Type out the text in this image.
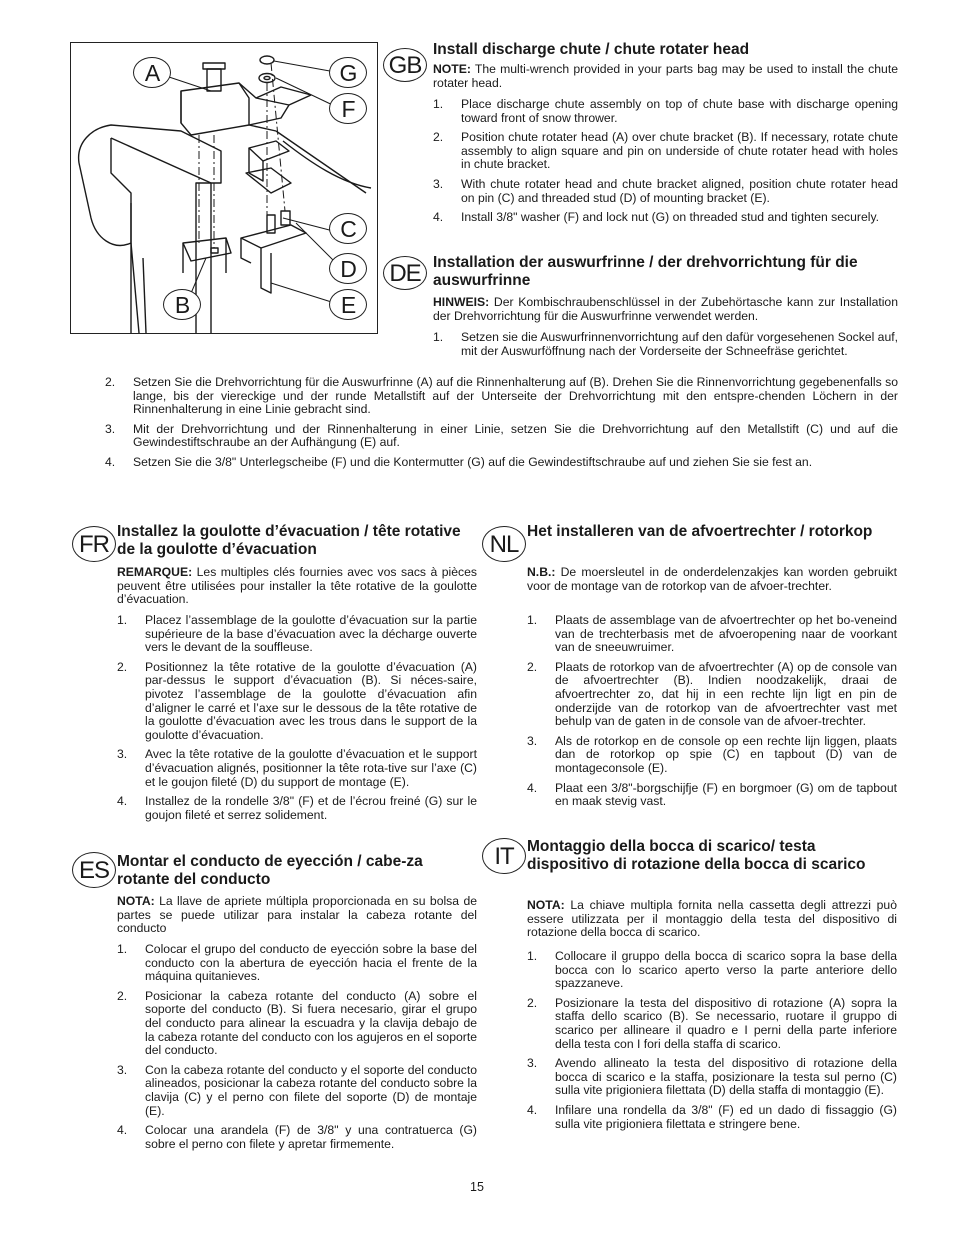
A	G
F
C
D
B	E
GB
Install discharge chute / chute rotater head
NOTE: The multi-wrench provided in your parts bag may be used to install the chute rotater head.
1. Place discharge chute assembly on top of chute base with discharge opening toward front of snow thrower.
2. Position chute rotater head (A) over chute bracket (B). If necessary, rotate chute assembly to align square and pin on underside of chute rotater head with holes in chute bracket.
3. With chute rotater head and chute bracket aligned, position chute rotater head on pin (C) and threaded stud (D) of mounting bracket (E).
4. Install 3/8" washer (F) and lock nut (G) on threaded stud and tighten securely.
DE Installation der auswurfrinne / der drehvorrichtung für die auswurfrinne
HINWEIS: Der Kombischraubenschlüssel in der Zubehörtasche kann zur Installation der Drehvorrichtung für die Auswurfrinne verwendet werden.
1. Setzen sie die Auswurfrinnenvorrichtung auf den dafür vorgesehenen Sockel auf, mit der Auswurföffnung nach der Vorderseite der Schneefräse gerichtet.
2. Setzen Sie die Drehvorrichtung für die Auswurfrinne (A) auf die Rinnenhalterung auf (B). Drehen Sie die Rinnenvorrichtung gegebenenfalls so lange, bis der viereckige und der runde Metallstift auf der Unterseite der Drehvorrichtung mit den entspre-chenden Löchern in der Rinnenhalterung in eine Linie gebracht sind.
3. Mit der Drehvorrichtung und der Rinnenhalterung in einer Linie, setzen Sie die Drehvorrichtung auf den Metallstift (C) und auf die Gewindestiftschraube an der Aufhängung (E) auf.
4. Setzen Sie die 3/8" Unterlegscheibe (F) und die Kontermutter (G) auf die Gewindestiftschraube auf und ziehen Sie sie fest an.
FR Installez la goulotte d’évacuation / tête rotative de la goulotte d’évacuation
REMARQUE: Les multiples clés fournies avec vos sacs à pièces peuvent être utilisées pour installer la tête rotative de la goulotte d’évacuation.
1. Placez l’assemblage de la goulotte d’évacuation sur la partie supérieure de la base d’évacuation avec la décharge ouverte vers le devant de la souffleuse.
2. Positionnez la tête rotative de la goulotte d’évacuation (A) par-dessus le support d’évacuation (B). Si néces-saire, pivotez l’assemblage de la goulotte d’évacuation afin d’aligner le carré et l’axe sur le dessous de la tête rotative de la goulotte d’évacuation avec les trous dans le support de la goulotte d’évacuation.
3. Avec la tête rotative de la goulotte d’évacuation et le support d’évacuation alignés, positionner la tête rota-tive sur l’axe (C) et le goujon fileté (D) du support de montage (E).
4. Installez de la rondelle 3/8" (F) et de l’écrou freiné (G) sur le goujon fileté et serrez solidement.
ES Montar el conducto de eyección / cabe-za rotante del conducto
NOTA: La llave de apriete múltipla proporcionada en su bolsa de partes se puede utilizar para instalar la cabeza rotante del conducto
1. Colocar el grupo del conducto de eyección sobre la base del conducto con la abertura de eyección hacia el frente de la máquina quitanieves.
2. Posicionar la cabeza rotante del conducto (A) sobre el soporte del conducto (B). Si fuera necesario, girar el grupo del conducto para alinear la escuadra y la clavija debajo de la cabeza rotante del conducto con los agujeros en el soporte del conducto.
3. Con la cabeza rotante del conducto y el soporte del conducto alineados, posicionar la cabeza rotante del conducto sobre la clavija (C) y el perno con filete del soporte (D) de montaje (E).
4. Colocar una arandela (F) de 3/8" y una contratuerca (G) sobre el perno con filete y apretar firmemente.
NL Het installeren van de afvoertrechter / rotorkop
N.B.: De moersleutel in de onderdelenzakjes kan worden gebruikt voor de montage van de rotorkop van de afvoer-trechter.
1. Plaats de assemblage van de afvoertrechter op het bo-veneind van de trechterbasis met de afvoeropening naar de voorkant van de sneeuwruimer.
2. Plaats de rotorkop van de afvoertrechter (A) op de console van de afvoertrechter (B). Indien noodzakelijk, draai de afvoertrechter zo, dat hij in een rechte lijn ligt en pin de onderzijde van de rotorkop van de afvoertrechter vast met behulp van de gaten in de console van de afvoer-trechter.
3. Als de rotorkop en de console op een rechte lijn liggen, plaats dan de rotorkop op spie (C) en tapbout (D) van de montageconsole (E).
4. Plaat een 3/8"-borgschijfje (F) en borgmoer (G) om de tapbout en maak stevig vast.
IT Montaggio della bocca di scarico/ testa dispositivo di rotazione della bocca di scarico
NOTA: La chiave multipla fornita nella cassetta degli attrezzi può essere utilizzata per il montaggio della testa del dispositivo di rotazione della bocca di scarico.
1. Collocare il gruppo della bocca di scarico sopra la base della bocca con lo scarico aperto verso la parte anteriore dello spazzaneve.
2. Posizionare la testa del dispositivo di rotazione (A) sopra la staffa dello scarico (B). Se necessario, ruotare il gruppo di scarico per allineare il quadro e I perni della parte inferiore della testa con I fori della staffa di scarico.
3. Avendo allineato la testa del dispositivo di rotazione della bocca di scarico e la staffa, posizionare la testa sul perno (C) sulla vite prigioniera filettata (D) della staffa di montaggio (E).
4. Infilare una rondella da 3/8" (F) ed un dado di fissaggio (G) sulla vite prigioniera filettata e stringere bene.
15
